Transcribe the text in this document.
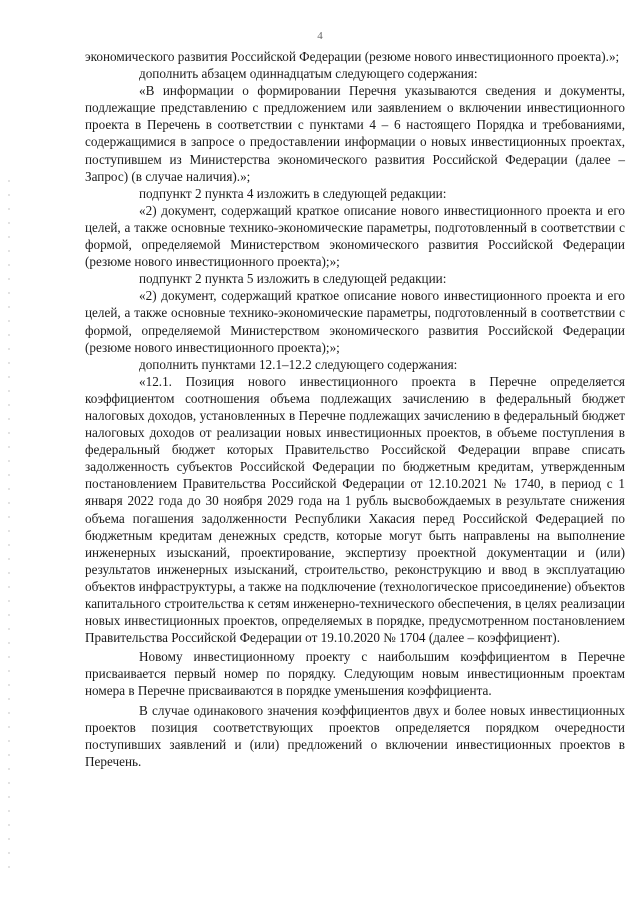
4

экономического развития Российской Федерации (резюме нового инвестиционного проекта).»;

дополнить абзацем одиннадцатым следующего содержания:

«В информации о формировании Перечня указываются сведения и документы, подлежащие представлению с предложением или заявлением о включении инвестиционного проекта в Перечень в соответствии с пунктами 4 – 6 настоящего Порядка и требованиями, содержащимися в запросе о предоставлении информации о новых инвестиционных проектах, поступившем из Министерства экономического развития Российской Федерации (далее – Запрос) (в случае наличия).»;

подпункт 2 пункта 4 изложить в следующей редакции:

«2) документ, содержащий краткое описание нового инвестиционного проекта и его целей, а также основные технико-экономические параметры, подготовленный в соответствии с формой, определяемой Министерством экономического развития Российской Федерации (резюме нового инвестиционного проекта);»;

подпункт 2 пункта 5 изложить в следующей редакции:

«2) документ, содержащий краткое описание нового инвестиционного проекта и его целей, а также основные технико-экономические параметры, подготовленный в соответствии с формой, определяемой Министерством экономического развития Российской Федерации (резюме нового инвестиционного проекта);»;

дополнить пунктами 12.1–12.2 следующего содержания:

«12.1. Позиция нового инвестиционного проекта в Перечне определяется коэффициентом соотношения объема подлежащих зачислению в федеральный бюджет налоговых доходов, установленных в Перечне подлежащих зачислению в федеральный бюджет налоговых доходов от реализации новых инвестиционных проектов, в объеме поступления в федеральный бюджет которых Правительство Российской Федерации вправе списать задолженность субъектов Российской Федерации по бюджетным кредитам, утвержденным постановлением Правительства Российской Федерации от 12.10.2021 № 1740, в период с 1 января 2022 года до 30 ноября 2029 года на 1 рубль высвобождаемых в результате снижения объема погашения задолженности Республики Хакасия перед Российской Федерацией по бюджетным кредитам денежных средств, которые могут быть направлены на выполнение инженерных изысканий, проектирование, экспертизу проектной документации и (или) результатов инженерных изысканий, строительство, реконструкцию и ввод в эксплуатацию объектов инфраструктуры, а также на подключение (технологическое присоединение) объектов капитального строительства к сетям инженерно-технического обеспечения, в целях реализации новых инвестиционных проектов, определяемых в порядке, предусмотренном постановлением Правительства Российской Федерации от 19.10.2020 № 1704 (далее – коэффициент).

Новому инвестиционному проекту с наибольшим коэффициентом в Перечне присваивается первый номер по порядку. Следующим новым инвестиционным проектам номера в Перечне присваиваются в порядке уменьшения коэффициента.

В случае одинакового значения коэффициентов двух и более новых инвестиционных проектов позиция соответствующих проектов определяется порядком очередности поступивших заявлений и (или) предложений о включении инвестиционных проектов в Перечень.
